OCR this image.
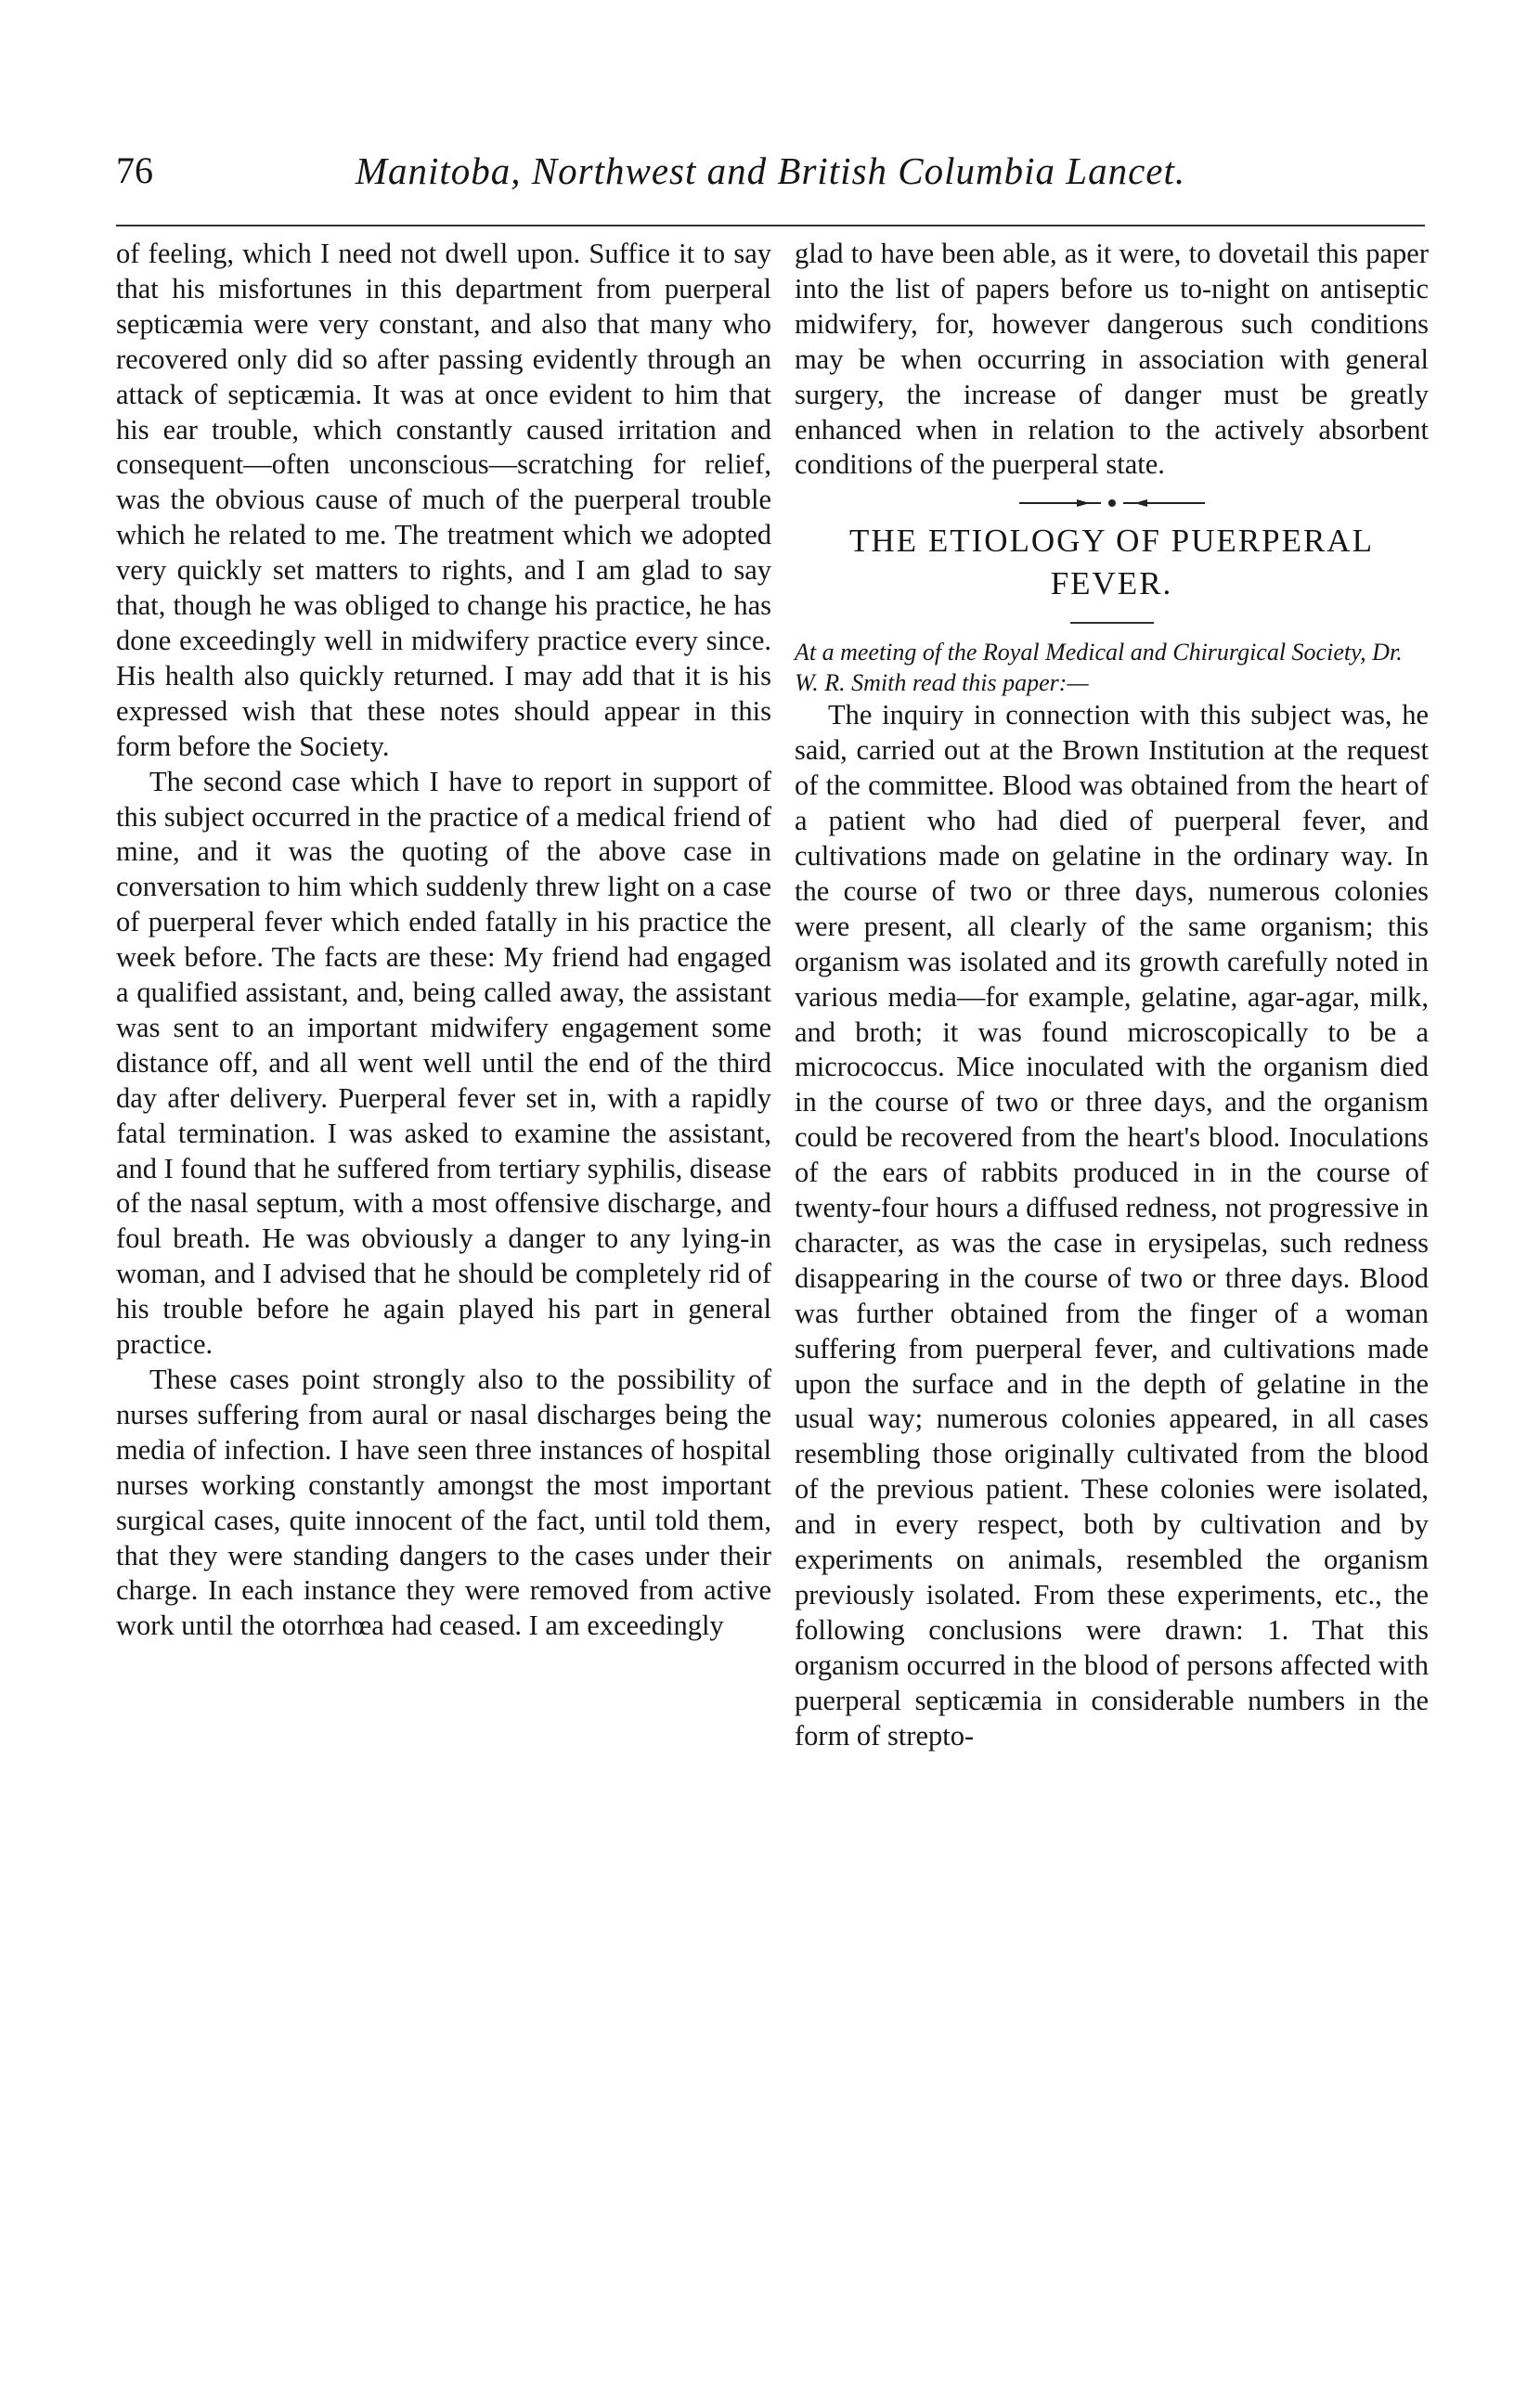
76	Manitoba, Northwest and British Columbia Lancet.

of feeling, which I need not dwell upon. Suffice it to say that his misfortunes in this department from puerperal septicæmia were very constant, and also that many who recovered only did so after passing evidently through an attack of septicæmia. It was at once evident to him that his ear trouble, which constantly caused irritation and consequent—often unconscious—scratching for relief, was the obvious cause of much of the puerperal trouble which he related to me. The treatment which we adopted very quickly set matters to rights, and I am glad to say that, though he was obliged to change his practice, he has done exceedingly well in midwifery practice every since. His health also quickly returned. I may add that it is his expressed wish that these notes should appear in this form before the Society.

The second case which I have to report in support of this subject occurred in the practice of a medical friend of mine, and it was the quoting of the above case in conversation to him which suddenly threw light on a case of puerperal fever which ended fatally in his practice the week before. The facts are these: My friend had engaged a qualified assistant, and, being called away, the assistant was sent to an important midwifery engagement some distance off, and all went well until the end of the third day after delivery. Puerperal fever set in, with a rapidly fatal termination. I was asked to examine the assistant, and I found that he suffered from tertiary syphilis, disease of the nasal septum, with a most offensive discharge, and foul breath. He was obviously a danger to any lying-in woman, and I advised that he should be completely rid of his trouble before he again played his part in general practice.

These cases point strongly also to the possibility of nurses suffering from aural or nasal discharges being the media of infection. I have seen three instances of hospital nurses working constantly amongst the most important surgical cases, quite innocent of the fact, until told them, that they were standing dangers to the cases under their charge. In each instance they were removed from active work until the otorrhœa had ceased. I am exceedingly

glad to have been able, as it were, to dovetail this paper into the list of papers before us to-night on antiseptic midwifery, for, however dangerous such conditions may be when occurring in association with general surgery, the increase of danger must be greatly enhanced when in relation to the actively absorbent conditions of the puerperal state.

THE ETIOLOGY OF PUERPERAL FEVER.

At a meeting of the Royal Medical and Chirurgical Society, Dr. W. R. Smith read this paper:—

The inquiry in connection with this subject was, he said, carried out at the Brown Institution at the request of the committee. Blood was obtained from the heart of a patient who had died of puerperal fever, and cultivations made on gelatine in the ordinary way. In the course of two or three days, numerous colonies were present, all clearly of the same organism; this organism was isolated and its growth carefully noted in various media—for example, gelatine, agar-agar, milk, and broth; it was found microscopically to be a micrococcus. Mice inoculated with the organism died in the course of two or three days, and the organism could be recovered from the heart's blood. Inoculations of the ears of rabbits produced in in the course of twenty-four hours a diffused redness, not progressive in character, as was the case in erysipelas, such redness disappearing in the course of two or three days. Blood was further obtained from the finger of a woman suffering from puerperal fever, and cultivations made upon the surface and in the depth of gelatine in the usual way; numerous colonies appeared, in all cases resembling those originally cultivated from the blood of the previous patient. These colonies were isolated, and in every respect, both by cultivation and by experiments on animals, resembled the organism previously isolated. From these experiments, etc., the following conclusions were drawn: 1. That this organism occurred in the blood of persons affected with puerperal septicæmia in considerable numbers in the form of strepto-
